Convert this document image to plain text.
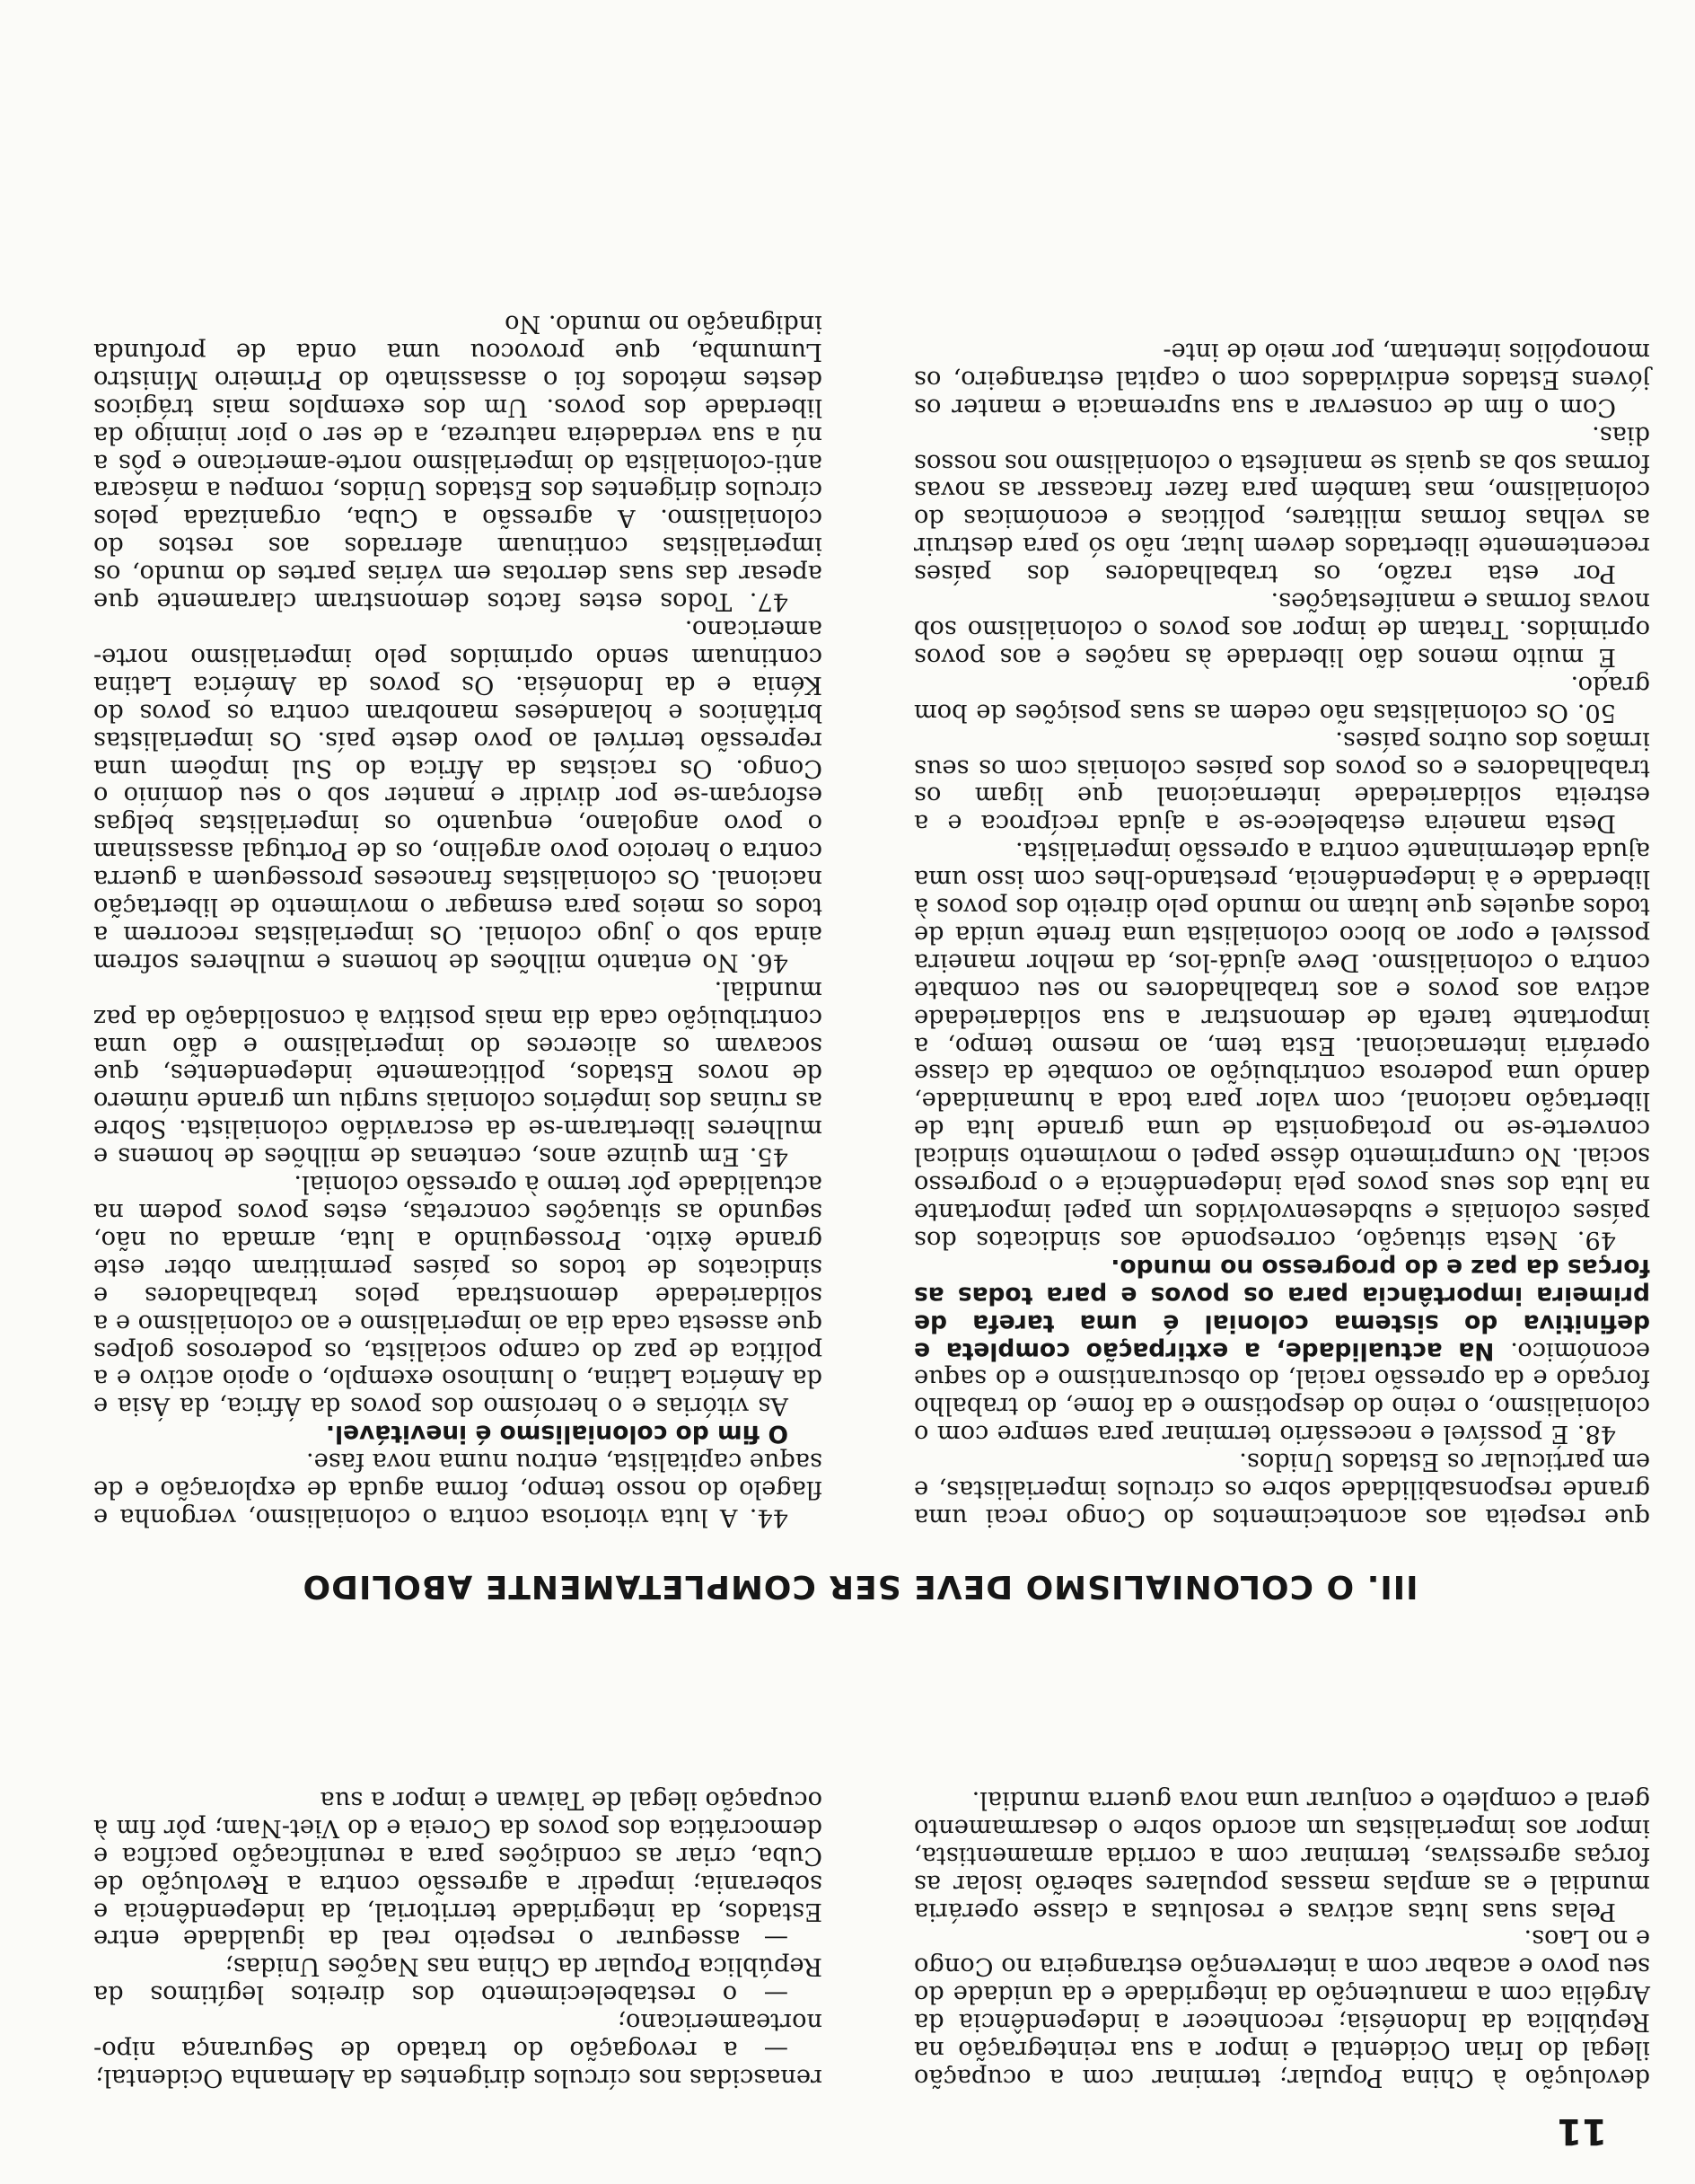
11

devolução à China Popular; terminar com a ocupação ilegal do Irian Ocidental e impor a sua reintegração na República da Indonésia; reconhecer a independência da Argélia com a manutenção da integridade e da unidade do seu povo e acabar com a intervenção estrangeira no Congo e no Laos.

Pelas suas lutas activas e resolutas a classe operária mundial e as amplas massas populares saberão isolar as forças agressivas, terminar com a corrida armamentista, impor aos imperialistas um acordo sobre o desarmamento geral e completo e conjurar uma nova guerra mundial.

renascidas nos círculos dirigentes da Alemanha Ocidental;

— a revogação do tratado de Segurança nipo-norteamericano;

— o restabelecimento dos direitos legítimos da República Popular da China nas Nações Unidas;

— assegurar o respeito real da igualdade entre Estados, da integridade territorial, da independência e soberania; impedir a agressão contra a Revolução de Cuba, criar as condições para a reunificação pacífica e democrática dos povos da Coreia e do Viet-Nam; pôr fim à ocupação ilegal de Taiwan e impor a sua

III. O COLONIALISMO DEVE SER COMPLETAMENTE ABOLIDO

que respeita aos acontecimentos do Congo recai uma grande responsabilidade sobre os círculos imperialistas, e em particular os Estados Unidos.

48. É possível e necessário terminar para sempre com o colonialismo, o reino do despotismo e da fome, do trabalho forçado e da opressão racial, do obscurantismo e do saque económico. Na actualidade, a extirpação completa e definitiva do sistema colonial é uma tarefa de primeira importância para os povos e para todas as forças da paz e do progresso no mundo.

49. Nesta situação, corresponde aos sindicatos dos países coloniais e subdesenvolvidos um papel importante na luta dos seus povos pela independência e o progresso social. No cumprimento dêsse papel o movimento sindical converte-se no protagonista de uma grande luta de libertação nacional, com valor para toda a humanidade, dando uma poderosa contribuição ao combate da classe operária internacional. Esta tem, ao mesmo tempo, a importante tarefa de demonstrar a sua solidariedade activa aos povos e aos trabalhadores no seu combate contra o colonialismo. Deve ajudá-los, da melhor maneira possível e opor ao bloco colonialista uma frente unida de todos aqueles que lutam no mundo pelo direito dos povos à liberdade e à independência, prestando-lhes com isso uma ajuda determinante contra a opressão imperialista.

Desta maneira estabelece-se a ajuda recíproca e a estreita solidariedade internacional que ligam os trabalhadores e os povos dos países coloniais com os seus irmãos dos outros países.

50. Os colonialistas não cedem as suas posições de bom grado.

É muito menos dão liberdade às nações e aos povos oprimidos. Tratam de impor aos povos o colonialismo sob novas formas e manifestações.

Por esta razão, os trabalhadores dos países recentemente libertados devem lutar, não só para destruir as velhas formas militares, políticas e económicas do colonialismo, mas também para fazer fracassar as novas formas sob as quais se manifesta o colonialismo nos nossos dias.

Com o fim de conservar a sua supremacia e manter os jóvens Estados endividados com o capital estrangeiro, os monopólios intentam, por meio de inte-

44. A luta vitoriosa contra o colonialismo, vergonha e flagelo do nosso tempo, forma aguda de exploração e de saque capitalista, entrou numa nova fase.

O fim do colonialismo é inevitável.

As vitórias e o heroísmo dos povos da África, da Ásia e da América Latina, o luminoso exemplo, o apoio activo e a política de paz do campo socialista, os poderosos golpes que assesta cada dia ao imperialismo e ao colonialismo e a solidariedade demonstrada pelos trabalhadores e sindicatos de todos os países permitiram obter este grande êxito. Prosseguindo a luta, armada ou não, segundo as situações concretas, estes povos podem na actualidade pôr termo à opressão colonial.

45. Em quinze anos, centenas de milhões de homens e mulheres libertaram-se da escravidão colonialista. Sobre as ruínas dos impérios coloniais surgiu um grande número de novos Estados, politicamente independentes, que socavam os alicerces do imperialismo e dão uma contribuição cada dia mais positiva à consolidação da paz mundial.

46. No entanto milhões de homens e mulheres sofrem ainda sob o jugo colonial. Os imperialistas recorrem a todos os meios para esmagar o movimento de libertação nacional. Os colonialistas franceses prosseguem a guerra contra o heroico povo argelino, os de Portugal assassinam o povo angolano, enquanto os imperialistas belgas esforçam-se por dividir e manter sob o seu domínio o Congo. Os racistas da África do Sul impõem uma repressão terrível ao povo deste país. Os imperialistas britânicos e holandeses manobram contra os povos do Kénia e da Indonésia. Os povos da América Latina continuam sendo oprimidos pelo imperialismo norte-americano.

47. Todos estes factos demonstram claramente que apesar das suas derrotas em várias partes do mundo, os imperialistas continuam aferrados aos restos do colonialismo. A agressão a Cuba, organizada pelos círculos dirigentes dos Estados Unidos, rompeu a máscara anti-colonialista do imperialismo norte-americano e pôs a nú a sua verdadeira natureza, a de ser o pior inimigo da liberdade dos povos. Um dos exemplos mais trágicos destes métodos foi o assassinato do Primeiro Ministro Lumumba, que provocou uma onda de profunda indignação no mundo. No
